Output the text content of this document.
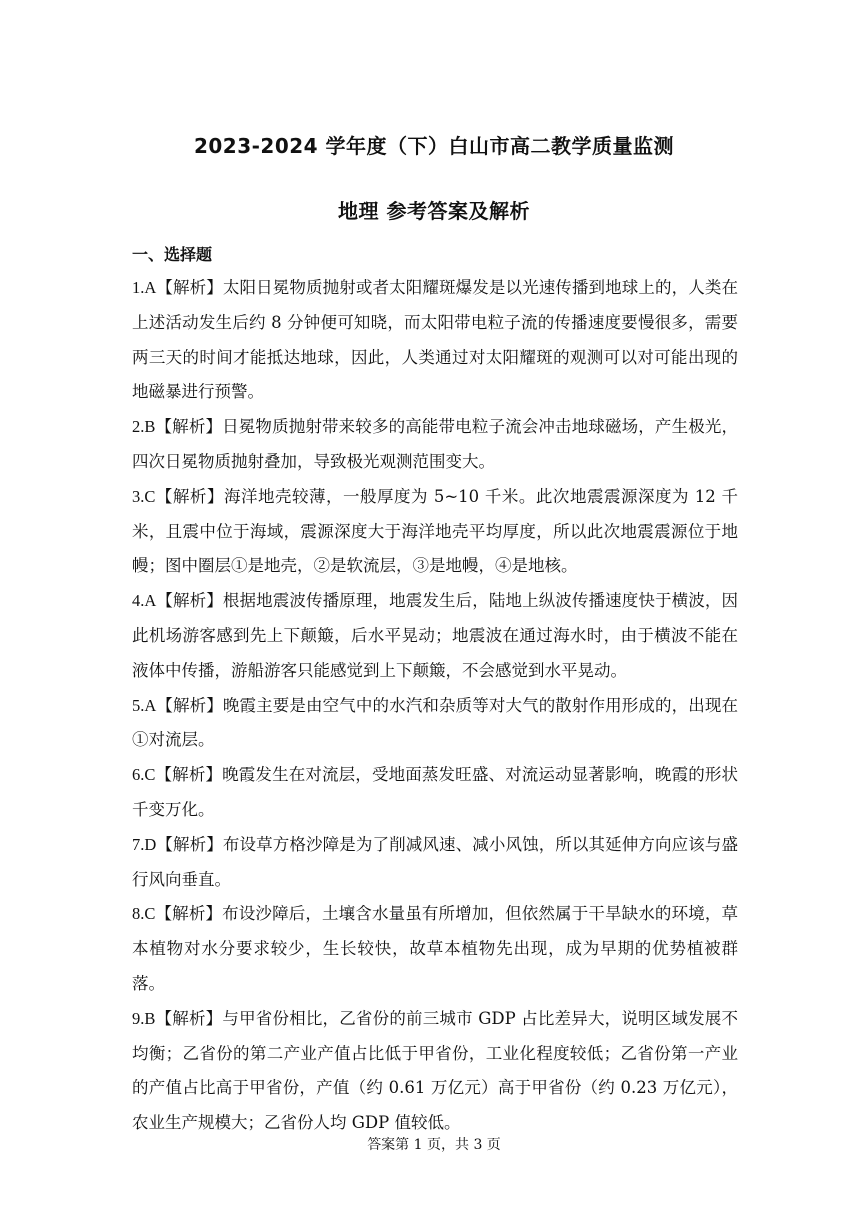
2023-2024 学年度（下）白山市高二教学质量监测
地理 参考答案及解析
一、选择题

1.A【解析】太阳日冕物质抛射或者太阳耀斑爆发是以光速传播到地球上的，人类在上述活动发生后约 8 分钟便可知晓，而太阳带电粒子流的传播速度要慢很多，需要两三天的时间才能抵达地球，因此，人类通过对太阳耀斑的观测可以对可能出现的地磁暴进行预警。

2.B【解析】日冕物质抛射带来较多的高能带电粒子流会冲击地球磁场，产生极光，四次日冕物质抛射叠加，导致极光观测范围变大。

3.C【解析】海洋地壳较薄，一般厚度为 5~10 千米。此次地震震源深度为 12 千米，且震中位于海域，震源深度大于海洋地壳平均厚度，所以此次地震震源位于地幔；图中圈层①是地壳，②是软流层，③是地幔，④是地核。

4.A【解析】根据地震波传播原理，地震发生后，陆地上纵波传播速度快于横波，因此机场游客感到先上下颠簸，后水平晃动；地震波在通过海水时，由于横波不能在液体中传播，游船游客只能感觉到上下颠簸，不会感觉到水平晃动。

5.A【解析】晚霞主要是由空气中的水汽和杂质等对大气的散射作用形成的，出现在①对流层。

6.C【解析】晚霞发生在对流层，受地面蒸发旺盛、对流运动显著影响，晚霞的形状千变万化。

7.D【解析】布设草方格沙障是为了削减风速、减小风蚀，所以其延伸方向应该与盛行风向垂直。

8.C【解析】布设沙障后，土壤含水量虽有所增加，但依然属于干旱缺水的环境，草本植物对水分要求较少，生长较快，故草本植物先出现，成为早期的优势植被群落。

9.B【解析】与甲省份相比，乙省份的前三城市 GDP 占比差异大，说明区域发展不均衡；乙省份的第二产业产值占比低于甲省份，工业化程度较低；乙省份第一产业的产值占比高于甲省份，产值（约 0.61 万亿元）高于甲省份（约 0.23 万亿元），农业生产规模大；乙省份人均 GDP 值较低。

答案第 1 页，共 3 页
